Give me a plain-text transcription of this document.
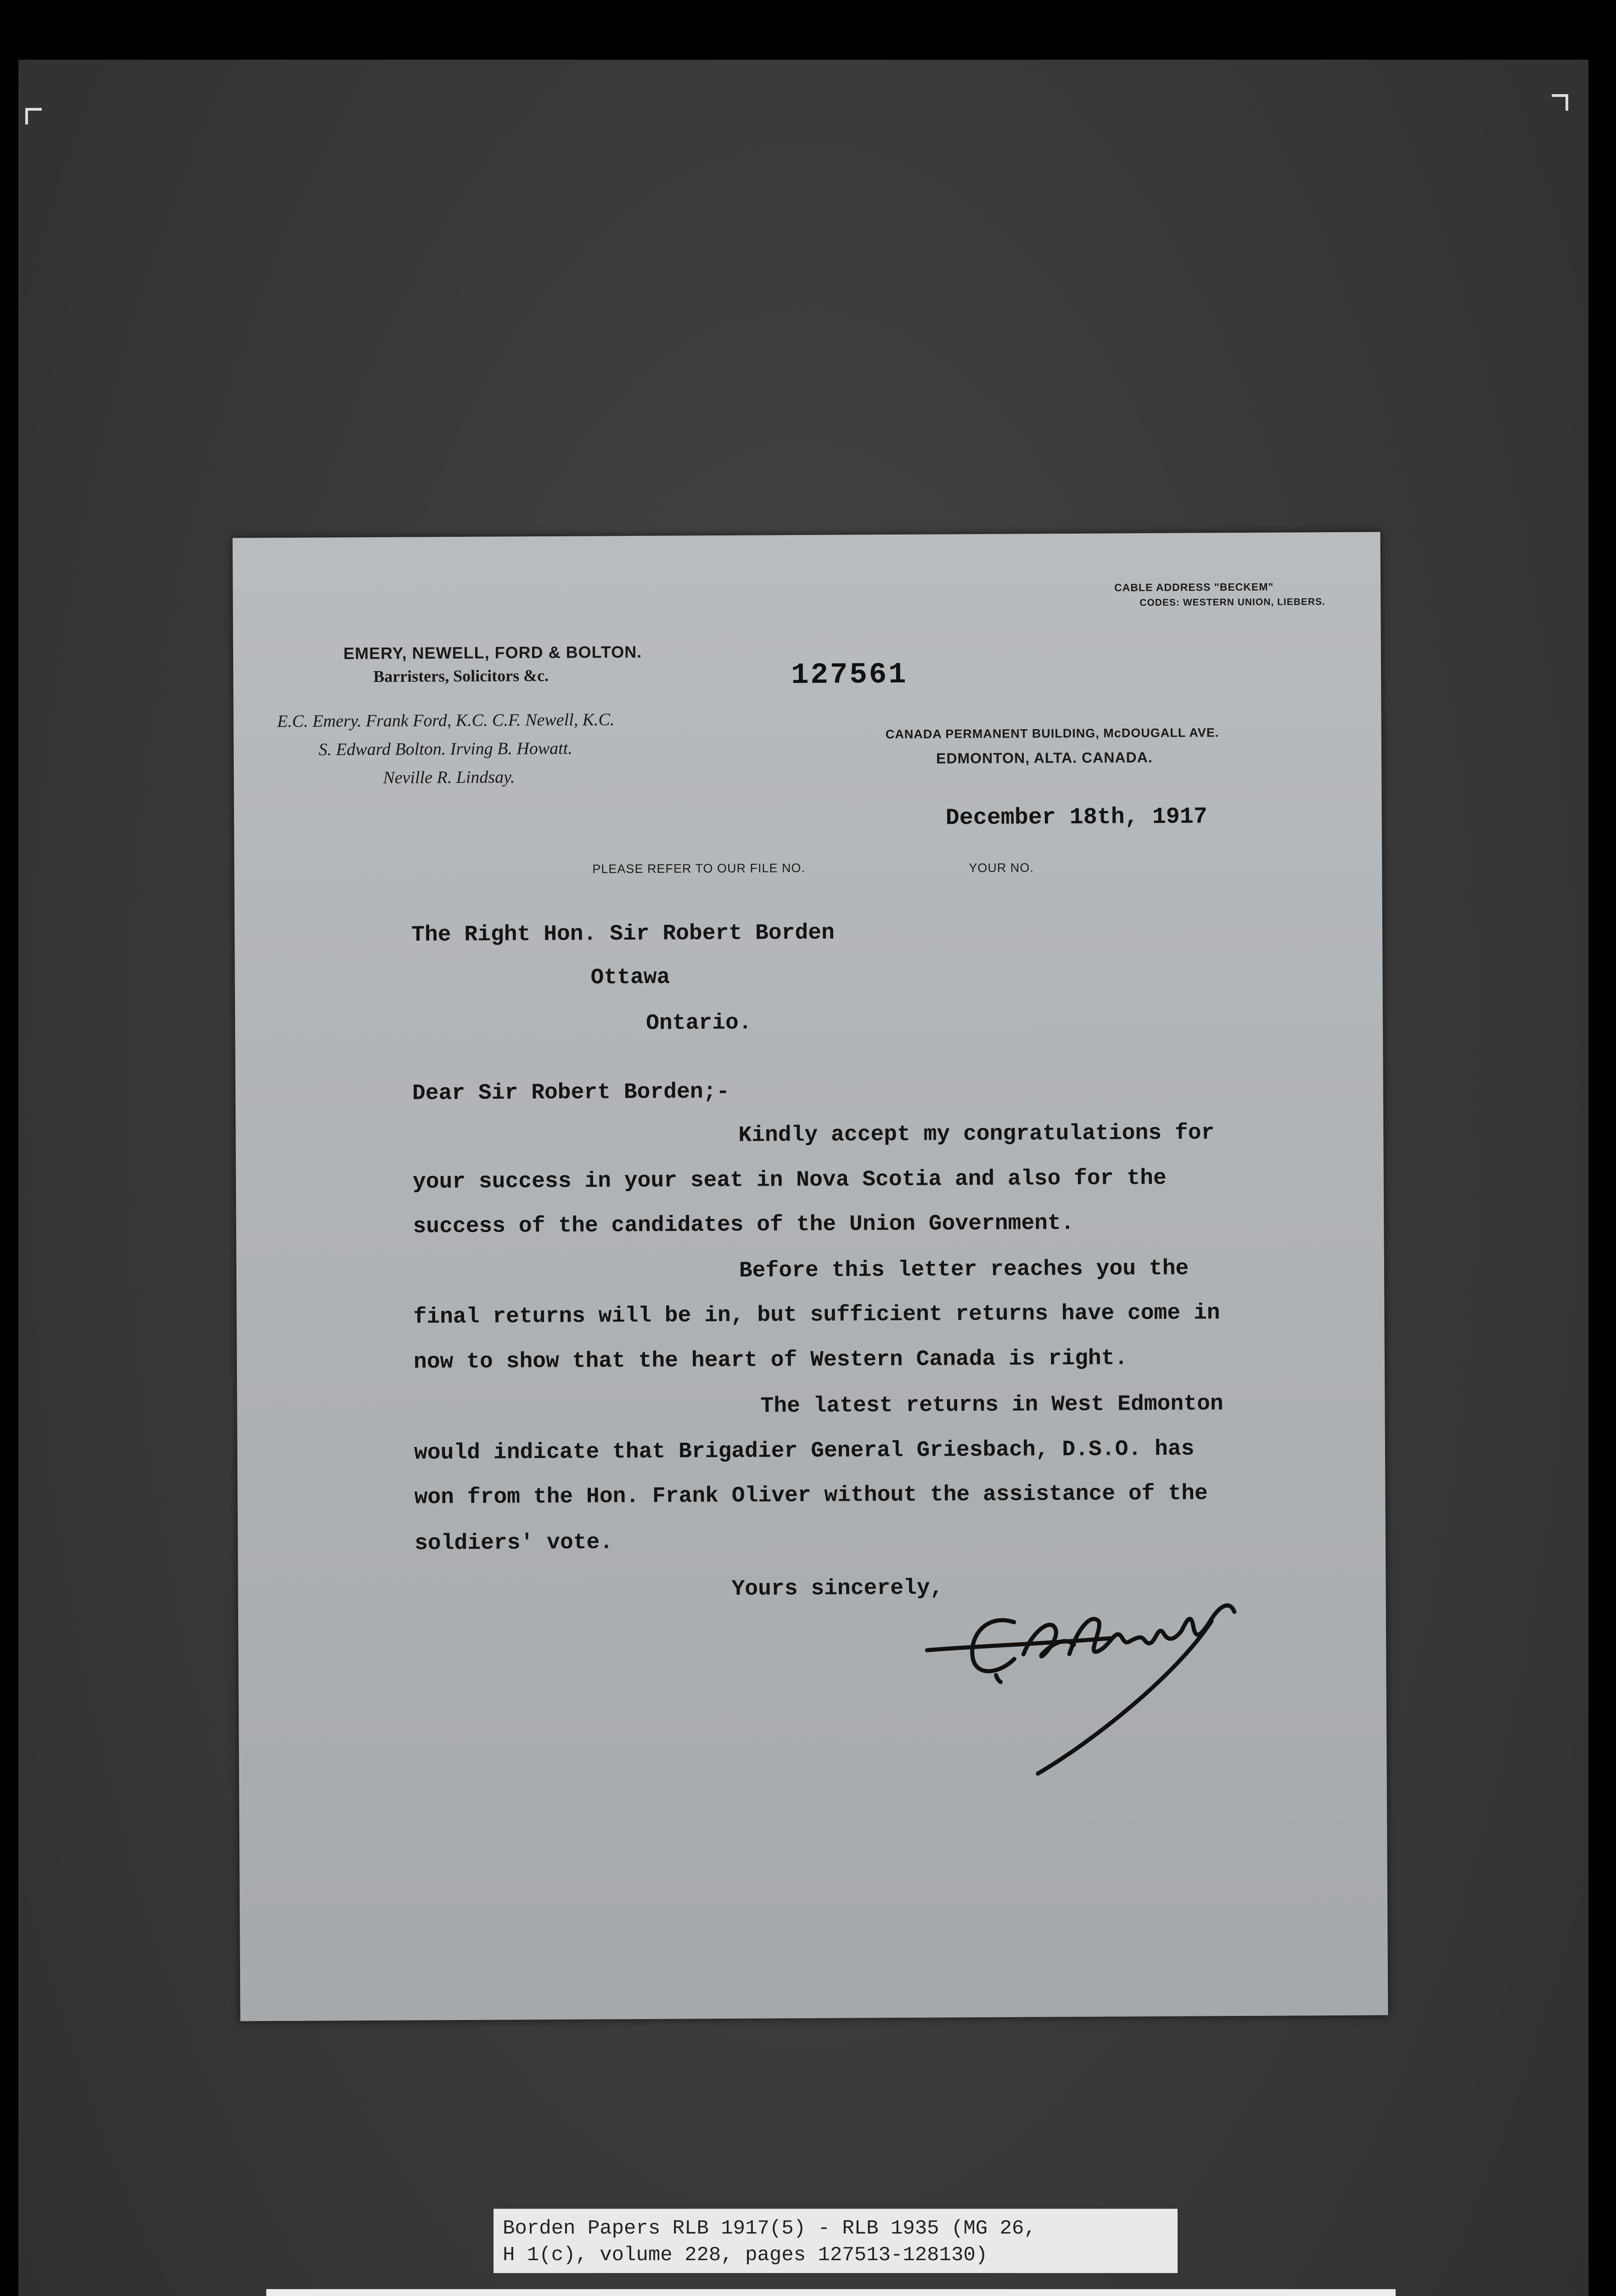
EMERY, NEWELL, FORD & BOLTON.
Barristers, Solicitors &c.
E.C. Emery. Frank Ford, K.C. C.F. Newell, K.C.
S. Edward Bolton. Irving B. Howatt.
Neville R. Lindsay.
127561
CABLE ADDRESS "BECKEM"
CODES: WESTERN UNION, LIEBERS.
CANADA PERMANENT BUILDING, McDOUGALL AVE.
EDMONTON, ALTA. CANADA.
December 18th, 1917
PLEASE REFER TO OUR FILE NO.	YOUR NO.
The Right Hon. Sir Robert Borden
Ottawa
Ontario.
Dear Sir Robert Borden;-
Kindly accept my congratulations for
your success in your seat in Nova Scotia and also for the
success of the candidates of the Union Government.
Before this letter reaches you the
final returns will be in, but sufficient returns have come in
now to show that the heart of Western Canada is right.
The latest returns in West Edmonton
would indicate that Brigadier General Griesbach, D.S.O. has
won from the Hon. Frank Oliver without the assistance of the
soldiers' vote.
Yours sincerely,
Borden Papers RLB 1917(5) - RLB 1935 (MG 26,
H 1(c), volume 228, pages 127513-128130)
